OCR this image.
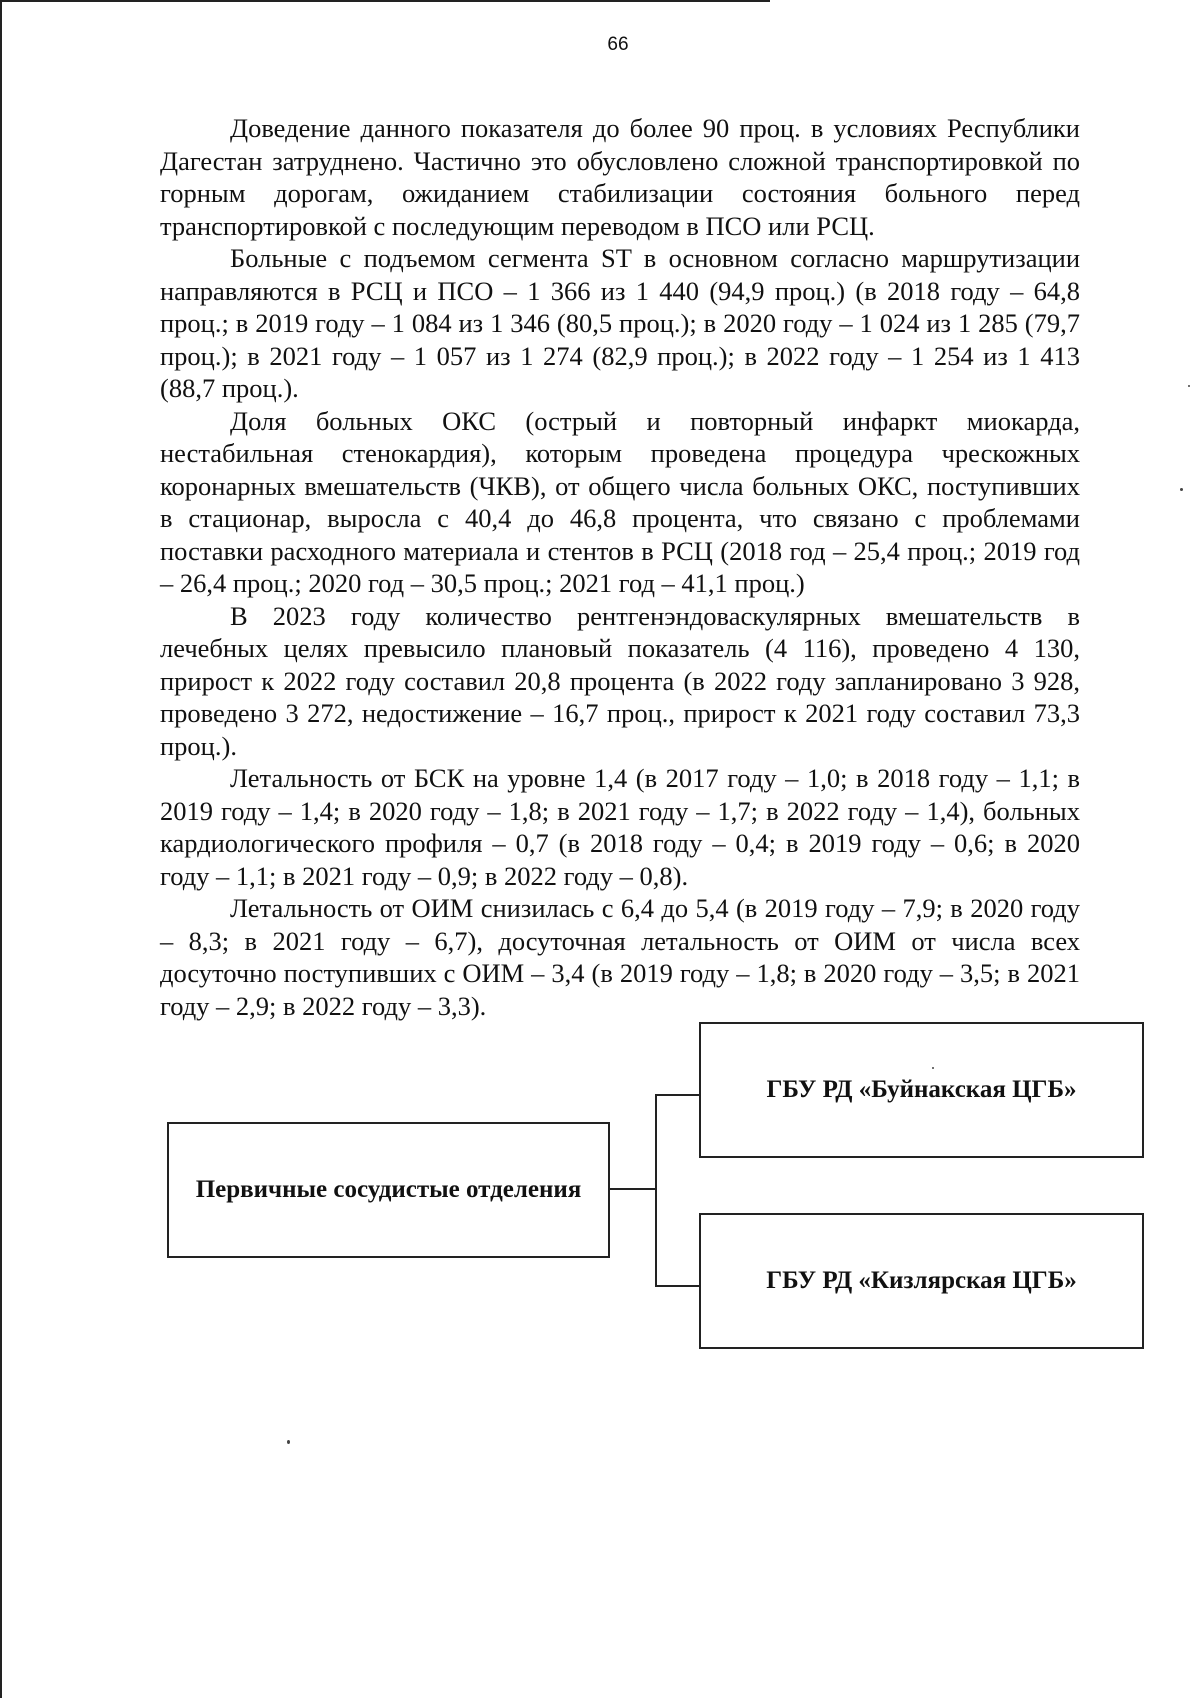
66

Доведение данного показателя до более 90 проц. в условиях Республики Дагестан затруднено. Частично это обусловлено сложной транспортировкой по горным дорогам, ожиданием стабилизации состояния больного перед транспортировкой с последующим переводом в ПСО или РСЦ.

Больные с подъемом сегмента ST в основном согласно маршрутизации направляются в РСЦ и ПСО – 1 366 из 1 440 (94,9 проц.) (в 2018 году – 64,8 проц.; в 2019 году – 1 084 из 1 346 (80,5 проц.); в 2020 году – 1 024 из 1 285 (79,7 проц.); в 2021 году – 1 057 из 1 274 (82,9 проц.); в 2022 году – 1 254 из 1 413 (88,7 проц.).

Доля больных ОКС (острый и повторный инфаркт миокарда, нестабильная стенокардия), которым проведена процедура чрескожных коронарных вмешательств (ЧКВ), от общего числа больных ОКС, поступивших в стационар, выросла с 40,4 до 46,8 процента, что связано с проблемами поставки расходного материала и стентов в РСЦ (2018 год – 25,4 проц.; 2019 год – 26,4 проц.; 2020 год – 30,5 проц.; 2021 год – 41,1 проц.)

В 2023 году количество рентгенэндоваскулярных вмешательств в лечебных целях превысило плановый показатель (4 116), проведено 4 130, прирост к 2022 году составил 20,8 процента (в 2022 году запланировано 3 928, проведено 3 272, недостижение – 16,7 проц., прирост к 2021 году составил 73,3 проц.).

Летальность от БСК на уровне 1,4 (в 2017 году – 1,0; в 2018 году – 1,1; в 2019 году – 1,4; в 2020 году – 1,8; в 2021 году – 1,7; в 2022 году – 1,4), больных кардиологического профиля – 0,7 (в 2018 году – 0,4; в 2019 году – 0,6; в 2020 году – 1,1; в 2021 году – 0,9; в 2022 году – 0,8).

Летальность от ОИМ снизилась с 6,4 до 5,4 (в 2019 году – 7,9; в 2020 году – 8,3; в 2021 году – 6,7), досуточная летальность от ОИМ от числа всех досуточно поступивших с ОИМ – 3,4 (в 2019 году – 1,8; в 2020 году – 3,5; в 2021 году – 2,9; в 2022 году – 3,3).

Первичные сосудистые отделения
ГБУ РД «Буйнакская ЦГБ»
ГБУ РД «Кизлярская ЦГБ»
